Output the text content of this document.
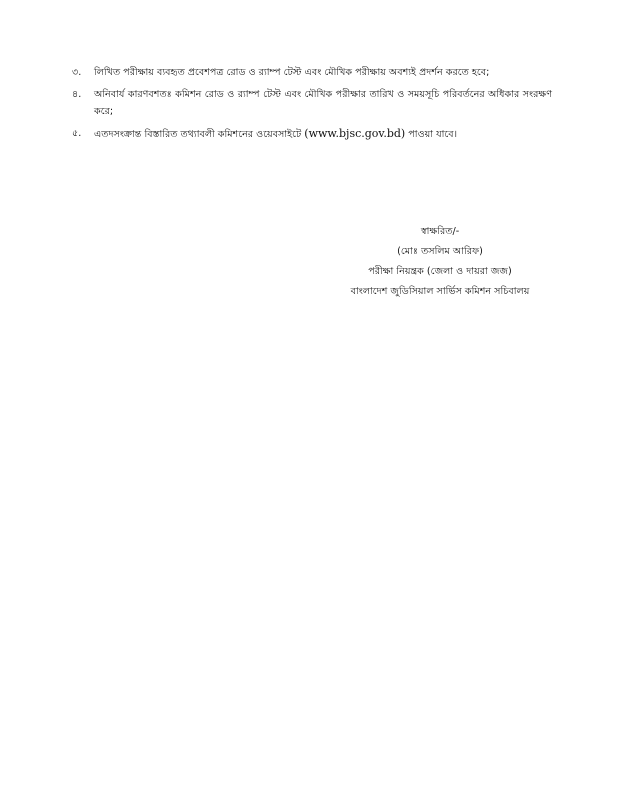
৩.	লিখিত পরীক্ষায় ব্যবহৃত প্রবেশপত্র রোড ও র‌্যাম্প টেস্ট এবং মৌখিক পরীক্ষায় অবশ্যই প্রদর্শন করতে হবে;
৪.	অনিবার্য কারণবশতঃ কমিশন রোড ও র‌্যাম্প টেস্ট এবং মৌখিক পরীক্ষার তারিখ ও সময়সূচি পরিবর্তনের অধিকার সংরক্ষণ করে;
৫.	এতদসংক্রান্ত বিস্তারিত তথ্যাবলী কমিশনের ওয়েবসাইটে (www.bjsc.gov.bd) পাওয়া যাবে।
স্বাক্ষরিত/-
(মোঃ তসলিম আরিফ)
পরীক্ষা নিয়ন্ত্রক (জেলা ও দায়রা জজ)
বাংলাদেশ জুডিসিয়াল সার্ভিস কমিশন সচিবালয়
